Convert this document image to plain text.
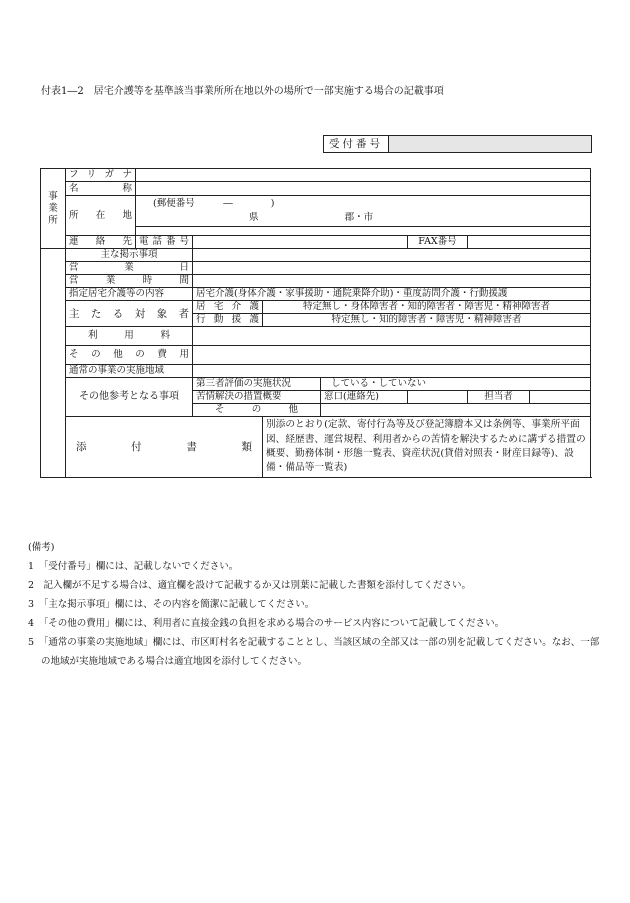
付表1―2　居宅介護等を基準該当事業所所在地以外の場所で一部実施する場合の記載事項
受付番号
事業所	フリガナ							
	名　称							
	所在地	(郵便番号　　　―　　　　)
県 郡・市						

	連絡先	電話番号				FAX番号		
	主な掲示事項							
	営業日							
	営業時間							
	指定居宅介護等の内容		居宅介護(身体介護・家事援助・通院乗降介助)・重度訪問介護・行動援護					
	主たる対象者		居宅介護	特定無し・身体障害者・知的障害者・障害児・精神障害者				
			行動援護	特定無し・知的障害者・障害児・精神障害者				
	利用料							
	その他の費用							
	通常の事業の実施地域							
	その他参考となる事項		第三者評価の実施状況		している・していない			
			苦情解決の措置概要		窓口(連絡先)		担当者	
			その他					
	添付書類			別添のとおり(定款、寄付行為等及び登記簿謄本又は条例等、事業所平面図、経歴書、運営規程、利用者からの苦情を解決するために講ずる措置の概要、勤務体制・形態一覧表、資産状況(貸借対照表・財産目録等)、設備・備品等一覧表)				

(備考)

1　「受付番号」欄には、記載しないでください。

2　記入欄が不足する場合は、適宜欄を設けて記載するか又は別葉に記載した書類を添付してください。

3　「主な掲示事項」欄には、その内容を簡潔に記載してください。

4　「その他の費用」欄には、利用者に直接金銭の負担を求める場合のサービス内容について記載してください。

5　「通常の事業の実施地域」欄には、市区町村名を記載することとし、当該区域の全部又は一部の別を記載してください。なお、一部の地域が実施地域である場合は適宜地図を添付してください。
